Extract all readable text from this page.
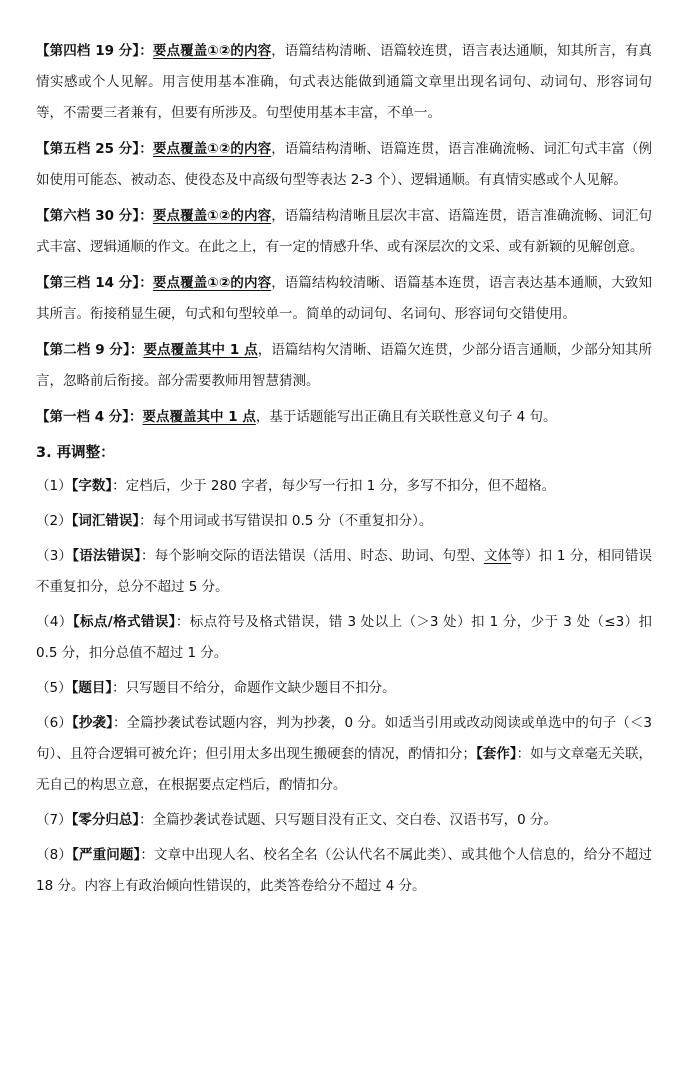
【第四档 19 分】：要点覆盖①②的内容，语篇结构清晰、语篇较连贯，语言表达通顺，知其所言，有真情实感或个人见解。用言使用基本准确，句式表达能做到通篇文章里出现名词句、动词句、形容词句等，不需要三者兼有，但要有所涉及。句型使用基本丰富，不单一。

【第五档 25 分】：要点覆盖①②的内容，语篇结构清晰、语篇连贯，语言准确流畅、词汇句式丰富（例如使用可能态、被动态、使役态及中高级句型等表达 2-3 个）、逻辑通顺。有真情实感或个人见解。

【第六档 30 分】：要点覆盖①②的内容，语篇结构清晰且层次丰富、语篇连贯，语言准确流畅、词汇句式丰富、逻辑通顺的作文。在此之上，有一定的情感升华、或有深层次的文采、或有新颖的见解创意。

【第三档 14 分】：要点覆盖①②的内容，语篇结构较清晰、语篇基本连贯，语言表达基本通顺，大致知其所言。衔接稍显生硬，句式和句型较单一。简单的动词句、名词句、形容词句交错使用。

【第二档 9 分】：要点覆盖其中 1 点，语篇结构欠清晰、语篇欠连贯，少部分语言通顺，少部分知其所言，忽略前后衔接。部分需要教师用智慧猜测。

【第一档 4 分】：要点覆盖其中 1 点，基于话题能写出正确且有关联性意义句子 4 句。

3. 再调整：

（1）【字数】：定档后，少于 280 字者，每少写一行扣 1 分，多写不扣分，但不超格。

（2）【词汇错误】：每个用词或书写错误扣 0.5 分（不重复扣分）。

（3）【语法错误】：每个影响交际的语法错误（活用、时态、助词、句型、文体等）扣 1 分，相同错误不重复扣分，总分不超过 5 分。

（4）【标点/格式错误】：标点符号及格式错误，错 3 处以上（＞3 处）扣 1 分，少于 3 处（≤3）扣 0.5 分，扣分总值不超过 1 分。

（5）【题目】：只写题目不给分，命题作文缺少题目不扣分。

（6）【抄袭】：全篇抄袭试卷试题内容，判为抄袭，0 分。如适当引用或改动阅读或单选中的句子（＜3 句）、且符合逻辑可被允许；但引用太多出现生搬硬套的情况，酌情扣分；【套作】：如与文章毫无关联，无自己的构思立意，在根据要点定档后，酌情扣分。

（7）【零分归总】：全篇抄袭试卷试题、只写题目没有正文、交白卷、汉语书写，0 分。

（8）【严重问题】：文章中出现人名、校名全名（公认代名不属此类）、或其他个人信息的，给分不超过 18 分。内容上有政治倾向性错误的，此类答卷给分不超过 4 分。
